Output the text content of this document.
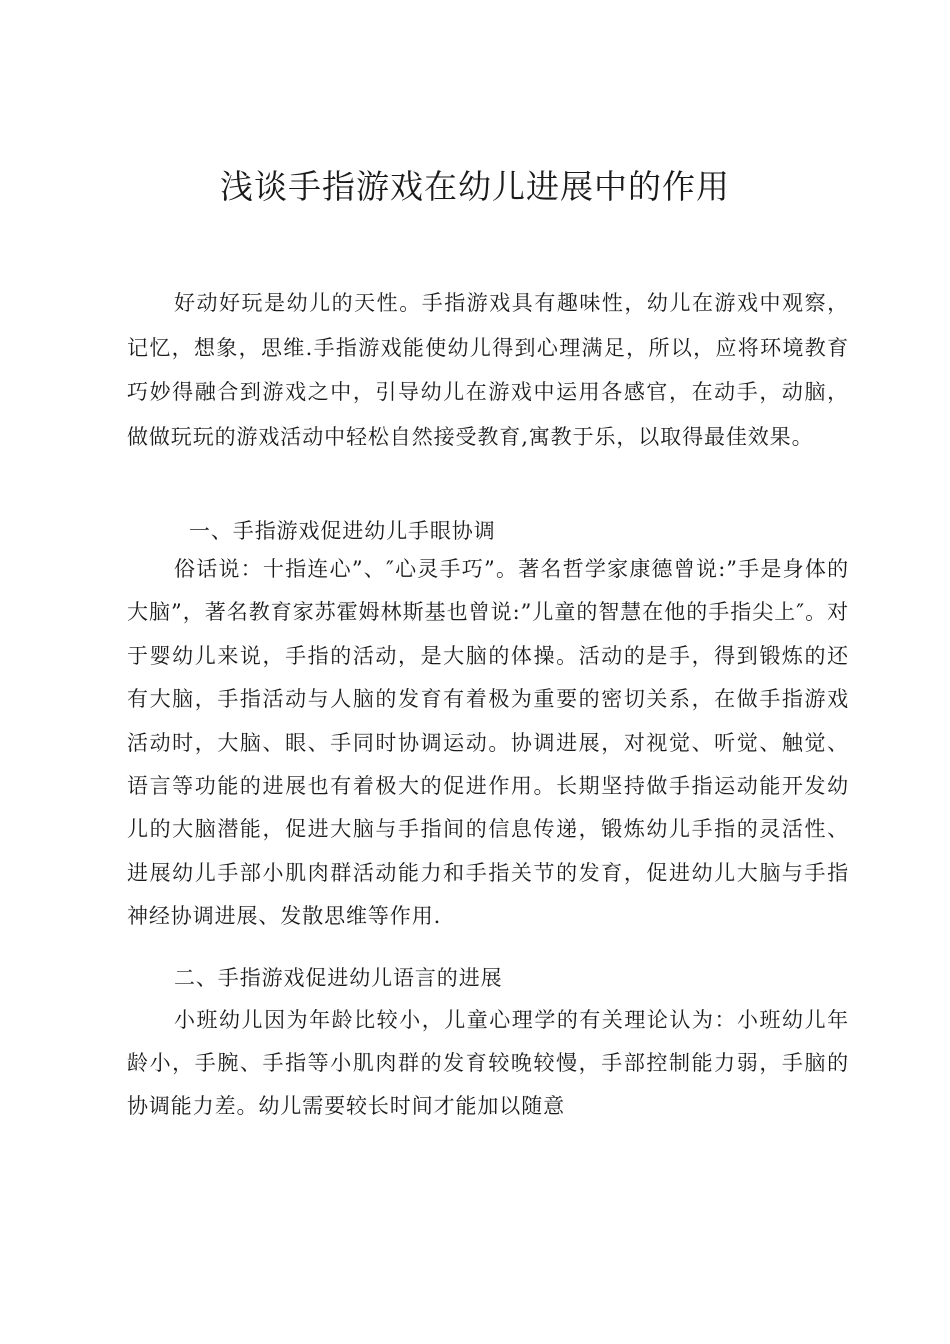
浅谈手指游戏在幼儿进展中的作用

好动好玩是幼儿的天性。手指游戏具有趣味性，幼儿在游戏中观察，记忆，想象，思维.手指游戏能使幼儿得到心理满足，所以，应将环境教育巧妙得融合到游戏之中，引导幼儿在游戏中运用各感官，在动手，动脑，做做玩玩的游戏活动中轻松自然接受教育,寓教于乐，以取得最佳效果。

一、手指游戏促进幼儿手眼协调

俗话说：十指连心”、″心灵手巧”。著名哲学家康德曾说:”手是身体的大脑”，著名教育家苏霍姆林斯基也曾说:”儿童的智慧在他的手指尖上″。对于婴幼儿来说，手指的活动，是大脑的体操。活动的是手，得到锻炼的还有大脑，手指活动与人脑的发育有着极为重要的密切关系，在做手指游戏活动时，大脑、眼、手同时协调运动。协调进展，对视觉、听觉、触觉、语言等功能的进展也有着极大的促进作用。长期坚持做手指运动能开发幼儿的大脑潜能，促进大脑与手指间的信息传递，锻炼幼儿手指的灵活性、进展幼儿手部小肌肉群活动能力和手指关节的发育，促进幼儿大脑与手指神经协调进展、发散思维等作用.

二、手指游戏促进幼儿语言的进展

小班幼儿因为年龄比较小，儿童心理学的有关理论认为：小班幼儿年龄小，手腕、手指等小肌肉群的发育较晚较慢，手部控制能力弱，手脑的协调能力差。幼儿需要较长时间才能加以随意
